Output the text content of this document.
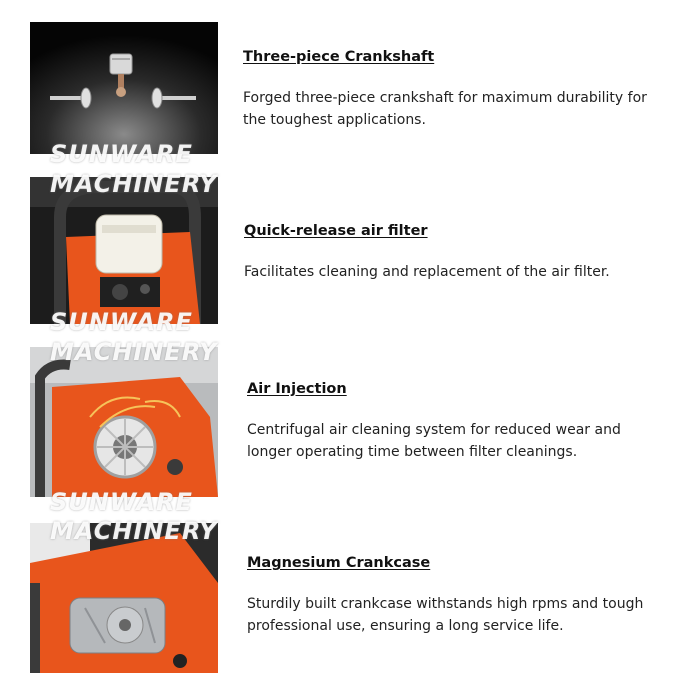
SUNWARE
MACHINERY
SUNWARE
MACHINERY
SUNWARE
MACHINERY
Three-piece Crankshaft

Forged three-piece crankshaft for maximum durability for the toughest applications.

Quick-release air filter

Facilitates cleaning and replacement of the air filter.

Air Injection

Centrifugal air cleaning system for reduced wear and longer operating time between filter cleanings.

Magnesium Crankcase

Sturdily built crankcase withstands high rpms and tough professional use, ensuring a long service life.
